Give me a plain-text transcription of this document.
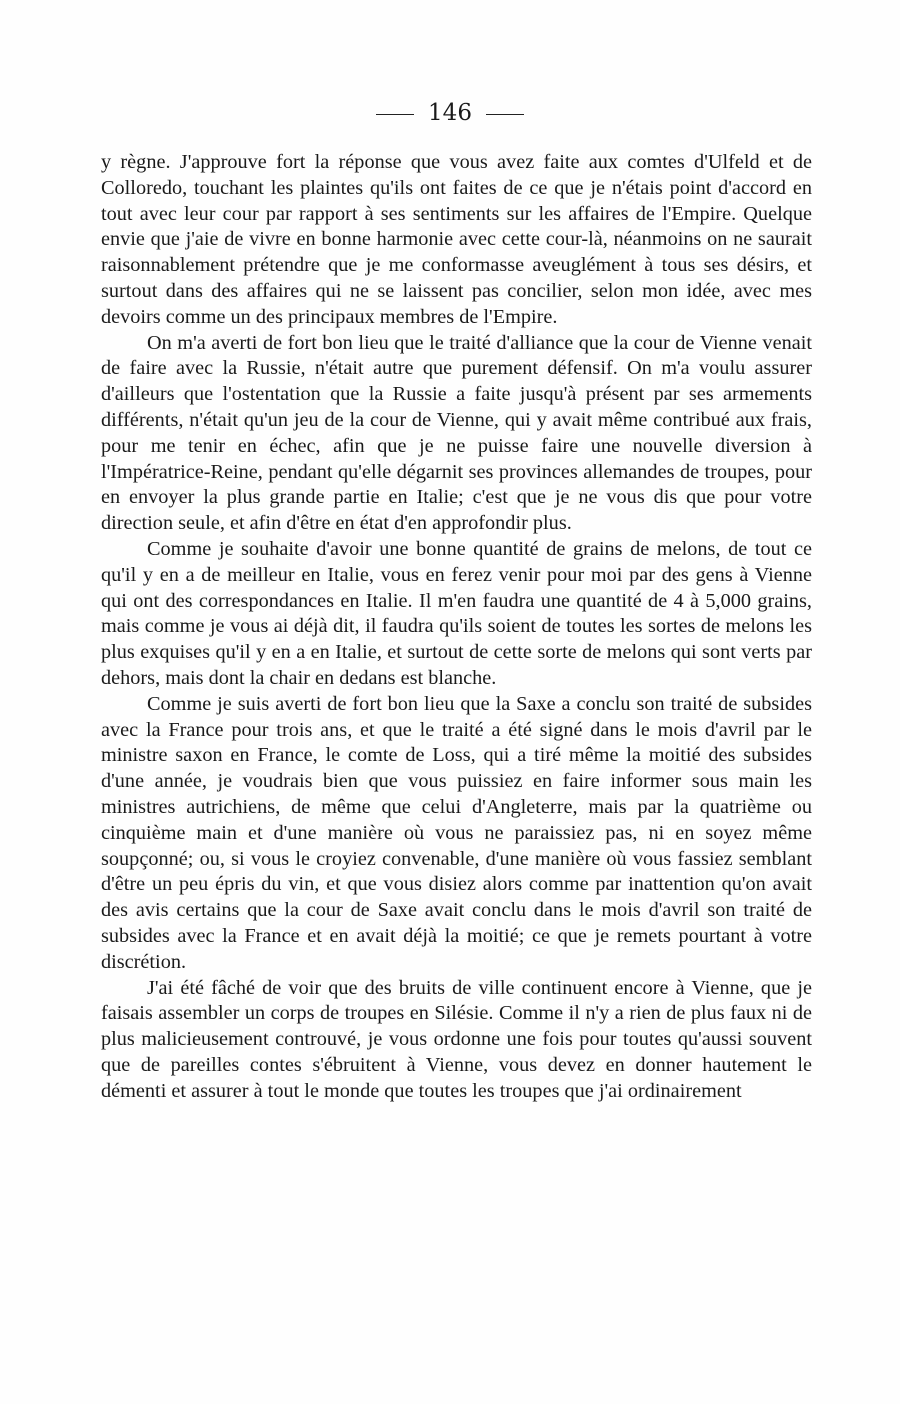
146

y règne. J'approuve fort la réponse que vous avez faite aux comtes d'Ulfeld et de Colloredo, touchant les plaintes qu'ils ont faites de ce que je n'étais point d'accord en tout avec leur cour par rapport à ses sentiments sur les affaires de l'Empire. Quelque envie que j'aie de vivre en bonne harmonie avec cette cour-là, néanmoins on ne saurait raisonnablement prétendre que je me conformasse aveuglément à tous ses désirs, et surtout dans des affaires qui ne se laissent pas concilier, selon mon idée, avec mes devoirs comme un des principaux membres de l'Empire.

On m'a averti de fort bon lieu que le traité d'alliance que la cour de Vienne venait de faire avec la Russie, n'était autre que purement défensif. On m'a voulu assurer d'ailleurs que l'ostentation que la Russie a faite jusqu'à présent par ses armements différents, n'était qu'un jeu de la cour de Vienne, qui y avait même contribué aux frais, pour me tenir en échec, afin que je ne puisse faire une nouvelle diversion à l'Impératrice-Reine, pendant qu'elle dégarnit ses provinces allemandes de troupes, pour en envoyer la plus grande partie en Italie; c'est que je ne vous dis que pour votre direction seule, et afin d'être en état d'en approfondir plus.

Comme je souhaite d'avoir une bonne quantité de grains de melons, de tout ce qu'il y en a de meilleur en Italie, vous en ferez venir pour moi par des gens à Vienne qui ont des correspondances en Italie. Il m'en faudra une quantité de 4 à 5,000 grains, mais comme je vous ai déjà dit, il faudra qu'ils soient de toutes les sortes de melons les plus exquises qu'il y en a en Italie, et surtout de cette sorte de melons qui sont verts par dehors, mais dont la chair en dedans est blanche.

Comme je suis averti de fort bon lieu que la Saxe a conclu son traité de subsides avec la France pour trois ans, et que le traité a été signé dans le mois d'avril par le ministre saxon en France, le comte de Loss, qui a tiré même la moitié des subsides d'une année, je voudrais bien que vous puissiez en faire informer sous main les ministres autrichiens, de même que celui d'Angleterre, mais par la quatrième ou cinquième main et d'une manière où vous ne paraissiez pas, ni en soyez même soupçonné; ou, si vous le croyiez convenable, d'une manière où vous fassiez semblant d'être un peu épris du vin, et que vous disiez alors comme par inattention qu'on avait des avis certains que la cour de Saxe avait conclu dans le mois d'avril son traité de subsides avec la France et en avait déjà la moitié; ce que je remets pourtant à votre discrétion.

J'ai été fâché de voir que des bruits de ville continuent encore à Vienne, que je faisais assembler un corps de troupes en Silésie. Comme il n'y a rien de plus faux ni de plus malicieusement controuvé, je vous ordonne une fois pour toutes qu'aussi souvent que de pareilles contes s'ébruitent à Vienne, vous devez en donner hautement le démenti et assurer à tout le monde que toutes les troupes que j'ai ordinairement
